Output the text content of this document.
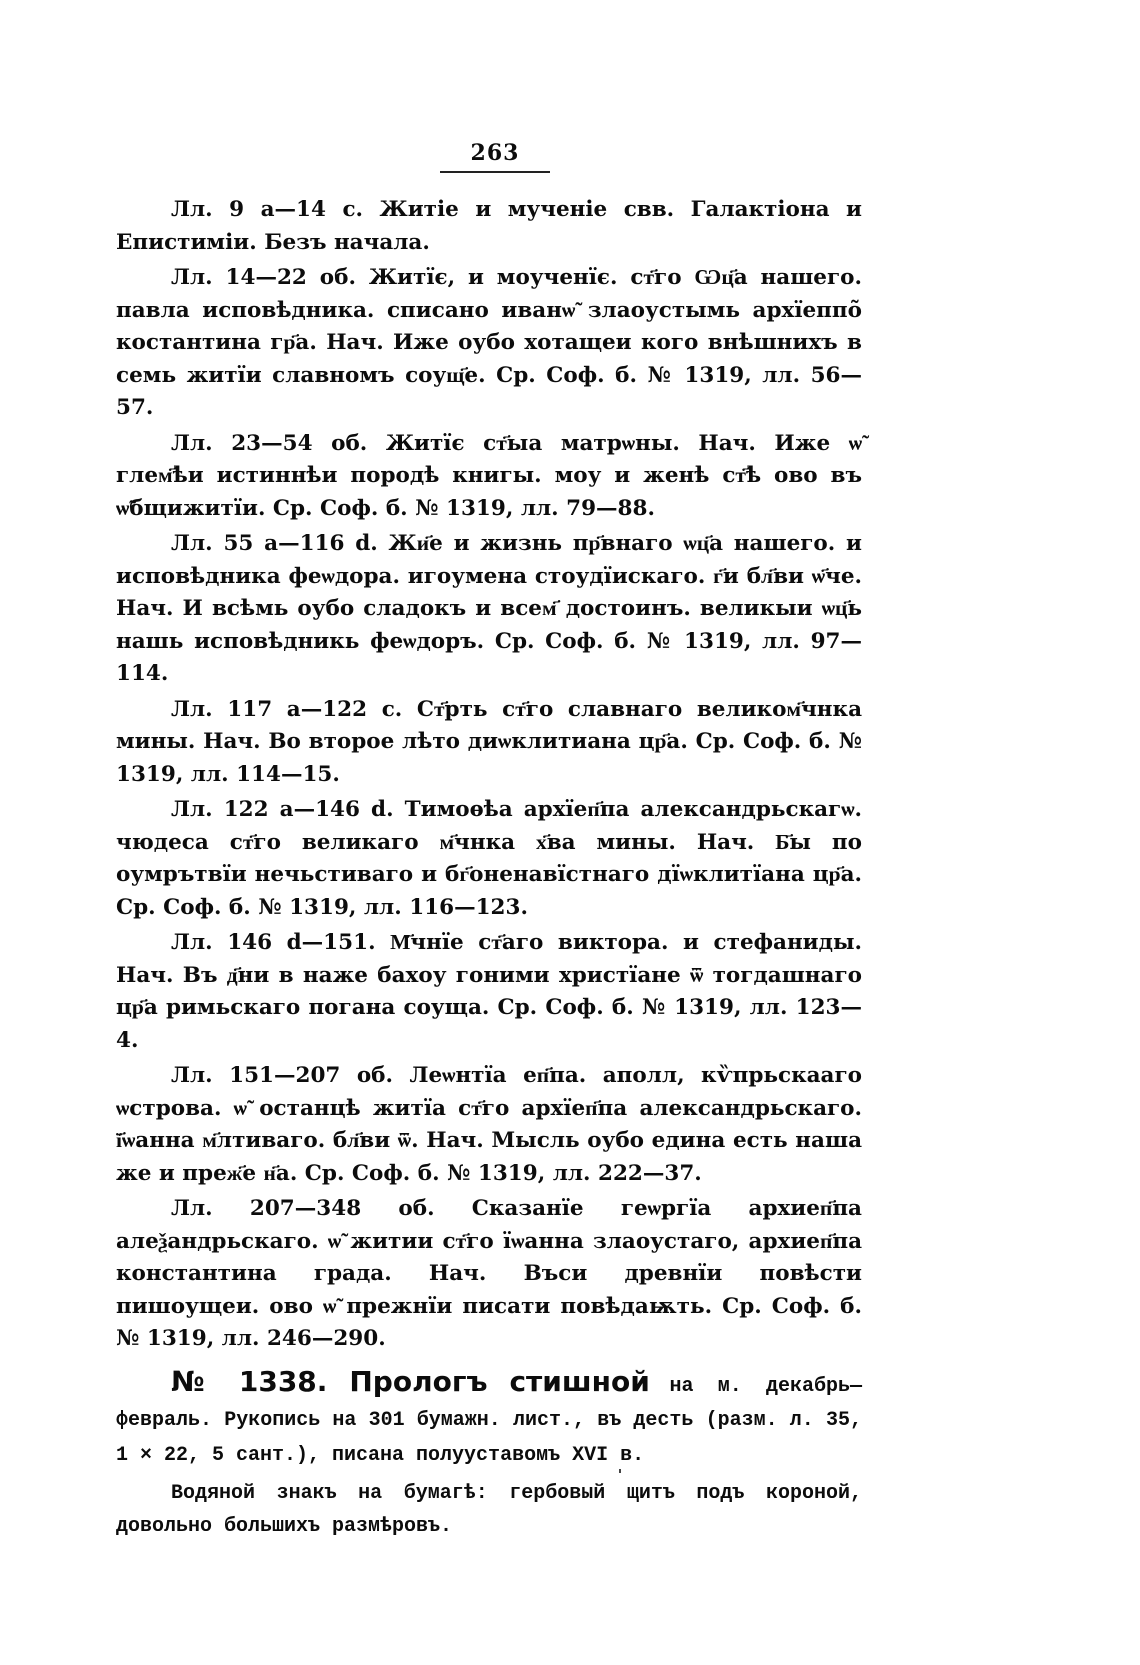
263

Лл. 9 а—14 с. Житіе и мученіе свв. Галактіона и Епистиміи. Безъ начала.

Лл. 14—22 об. Житїє, и моученїє. ст҃го Ѡц҃а нашего. павла исповѣдника. списано иванѡ̃ злаоустымь архїеппо̃ костантина гр҃а. Нач. Иже оубо хотащеи кого внѣшнихъ в семь житїи славномъ соущ҃е. Ср. Соф. б. № 1319, лл. 56—57.

Лл. 23—54 об. Житїє ст҃ыа матрѡны. Нач. Иже ѡ̃ глем҃ѣи истиннѣи породѣ книгы. моу и женѣ ст҃ѣ ово въ ѡ̃бщижитїи. Ср. Соф. б. № 1319, лл. 79—88.

Лл. 55 а—116 d. Жи҃е и жизнь пр҃внаго ѡц҃а нашего. и исповѣдника феѡдора. игоумена стоудїискаго. г҃и бл҃ви ѡ҃че. Нач. И всѣмь оубо сладокъ и всем҃ достоинъ. великыи ѡц҃ь нашь исповѣдникь феѡдоръ. Ср. Соф. б. № 1319, лл. 97—114.

Лл. 117 а—122 с. Ст҃рть ст҃го славнаго великом҃чнка мины. Нач. Во второе лѣто диѡклитиана цр҃а. Ср. Соф. б. № 1319, лл. 114—15.

Лл. 122 а—146 d. Тимоѳѣа архїеп҃па александрьскагѡ. чюдеса ст҃го великаго м҃чнка х҃ва мины. Нач. Б҃ы по оумрътвїи нечьстиваго и бг҃оненавїстнаго дїѡклитїана цр҃а. Ср. Соф. б. № 1319, лл. 116—123.

Лл. 146 d—151. М҃чнїе ст҃аго виктора. и стефаниды. Нач. Въ д҃ни в наже бахоу гоними христїане ѿ тогдашнаго цр҃а римьскаго погана соуща. Ср. Соф. б. № 1319, лл. 123—4.

Лл. 151—207 об. Леѡнтїа еп҃па. аполл, кѷпрьскааго ѡстрова. ѡ̃ останцѣ житїа ст҃го архїеп҃па александрьскаго. ї҃ѡанна м҃лтиваго. бл҃ви ѿ. Нач. Мысль оубо едина есть наша же и преж҃е н҃а. Ср. Соф. б. № 1319, лл. 222—37.

Лл. 207—348 об. Сказанїе геѡргїа архиеп҃па алеѯандрьскаго. ѡ̃ житии ст҃го їѡанна злаоустаго, архиеп҃па константина града. Нач. Въси древнїи повѣсти пишоущеи. ово ѡ̃ прежнїи писати повѣдаѭть. Ср. Соф. б. № 1319, лл. 246—290.

№ 1338. Прологъ стишной на м. декабрь—февраль. Рукопись на 301 бумажн. лист., въ десть (разм. л. 35, 1 × 22, 5 сант.), писана полууставомъ XVI в.

Водяной знакъ на бумагѣ: гербовый щитъ подъ короной, довольно большихъ размѣровъ.
